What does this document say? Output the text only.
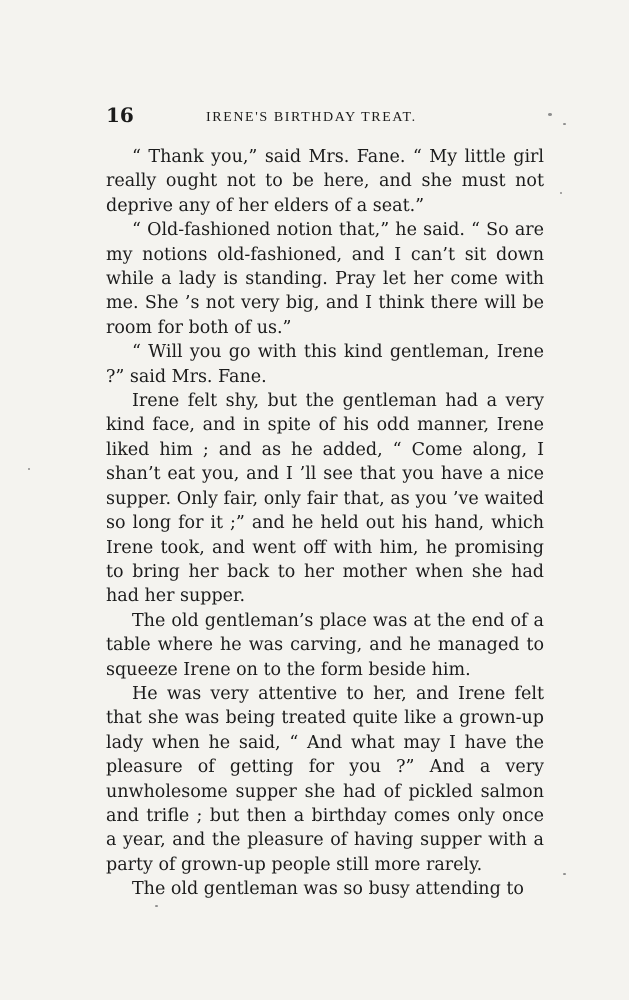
16	IRENE'S BIRTHDAY TREAT.

“ Thank you,” said Mrs. Fane. “ My little girl really ought not to be here, and she must not deprive any of her elders of a seat.”

“ Old-fashioned notion that,” he said. “ So are my notions old-fashioned, and I can’t sit down while a lady is standing. Pray let her come with me. She ’s not very big, and I think there will be room for both of us.”

“ Will you go with this kind gentleman, Irene ?” said Mrs. Fane.

Irene felt shy, but the gentleman had a very kind face, and in spite of his odd manner, Irene liked him ; and as he added, “ Come along, I shan’t eat you, and I ’ll see that you have a nice supper. Only fair, only fair that, as you ’ve waited so long for it ;” and he held out his hand, which Irene took, and went off with him, he promising to bring her back to her mother when she had had her supper.

The old gentleman’s place was at the end of a table where he was carving, and he managed to squeeze Irene on to the form beside him.

He was very attentive to her, and Irene felt that she was being treated quite like a grown-up lady when he said, “ And what may I have the pleasure of getting for you ?” And a very unwholesome supper she had of pickled salmon and trifle ; but then a birthday comes only once a year, and the pleasure of having supper with a party of grown-up people still more rarely.

The old gentleman was so busy attending to
